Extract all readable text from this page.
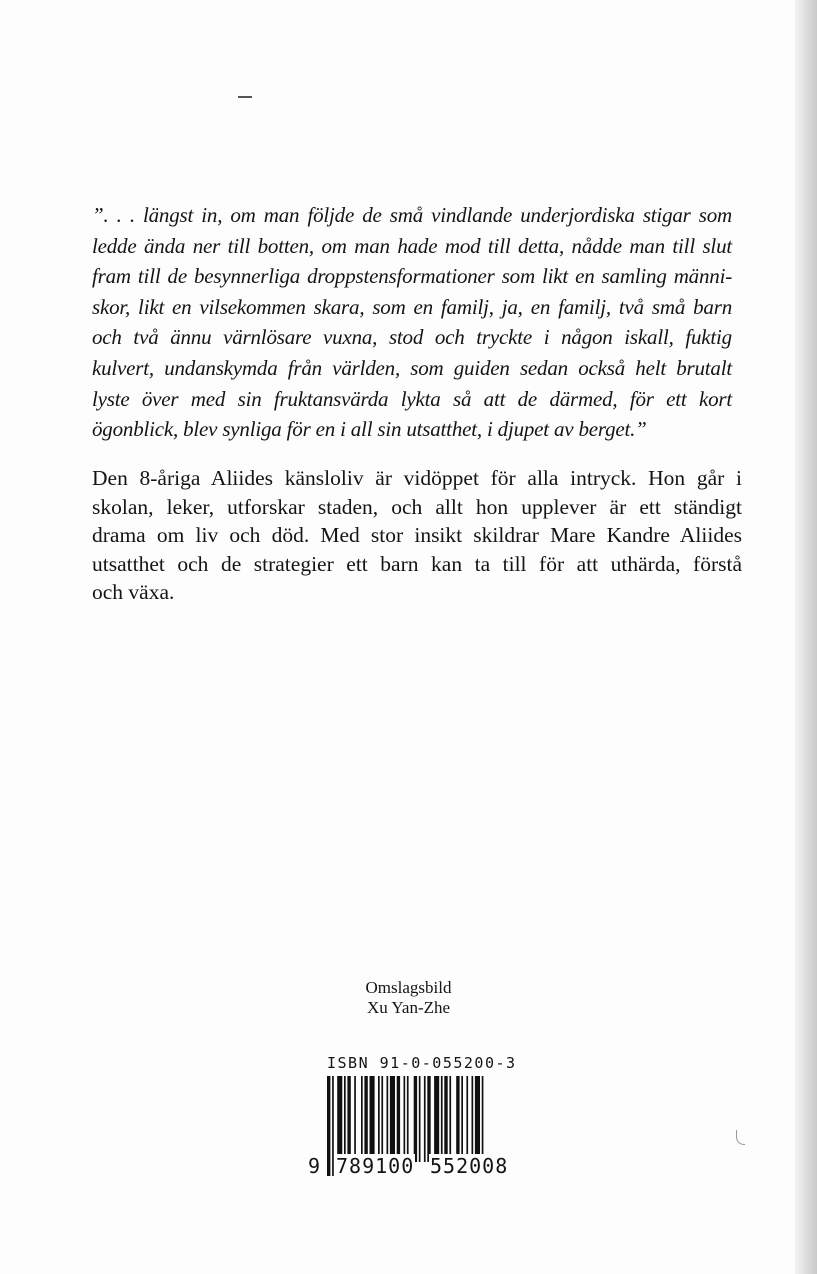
”. . . längst in, om man följde de små vindlande underjordiska stigar som
ledde ända ner till botten, om man hade mod till detta, nådde man till slut
fram till de besynnerliga droppstensformationer som likt en samling männi-
skor, likt en vilsekommen skara, som en familj, ja, en familj, två små barn
och två ännu värnlösare vuxna, stod och tryckte i någon iskall, fuktig
kulvert, undanskymda från världen, som guiden sedan också helt brutalt
lyste över med sin fruktansvärda lykta så att de därmed, för ett kort
ögonblick, blev synliga för en i all sin utsatthet, i djupet av berget.”
Den 8-åriga Aliides känsloliv är vidöppet för alla intryck. Hon går i
skolan, leker, utforskar staden, och allt hon upplever är ett ständigt
drama om liv och död. Med stor insikt skildrar Mare Kandre Aliides
utsatthet och de strategier ett barn kan ta till för att uthärda, förstå
och växa.
Omslagsbild
Xu Yan-Zhe
ISBN 91-0-055200-3
9 789100 552008
